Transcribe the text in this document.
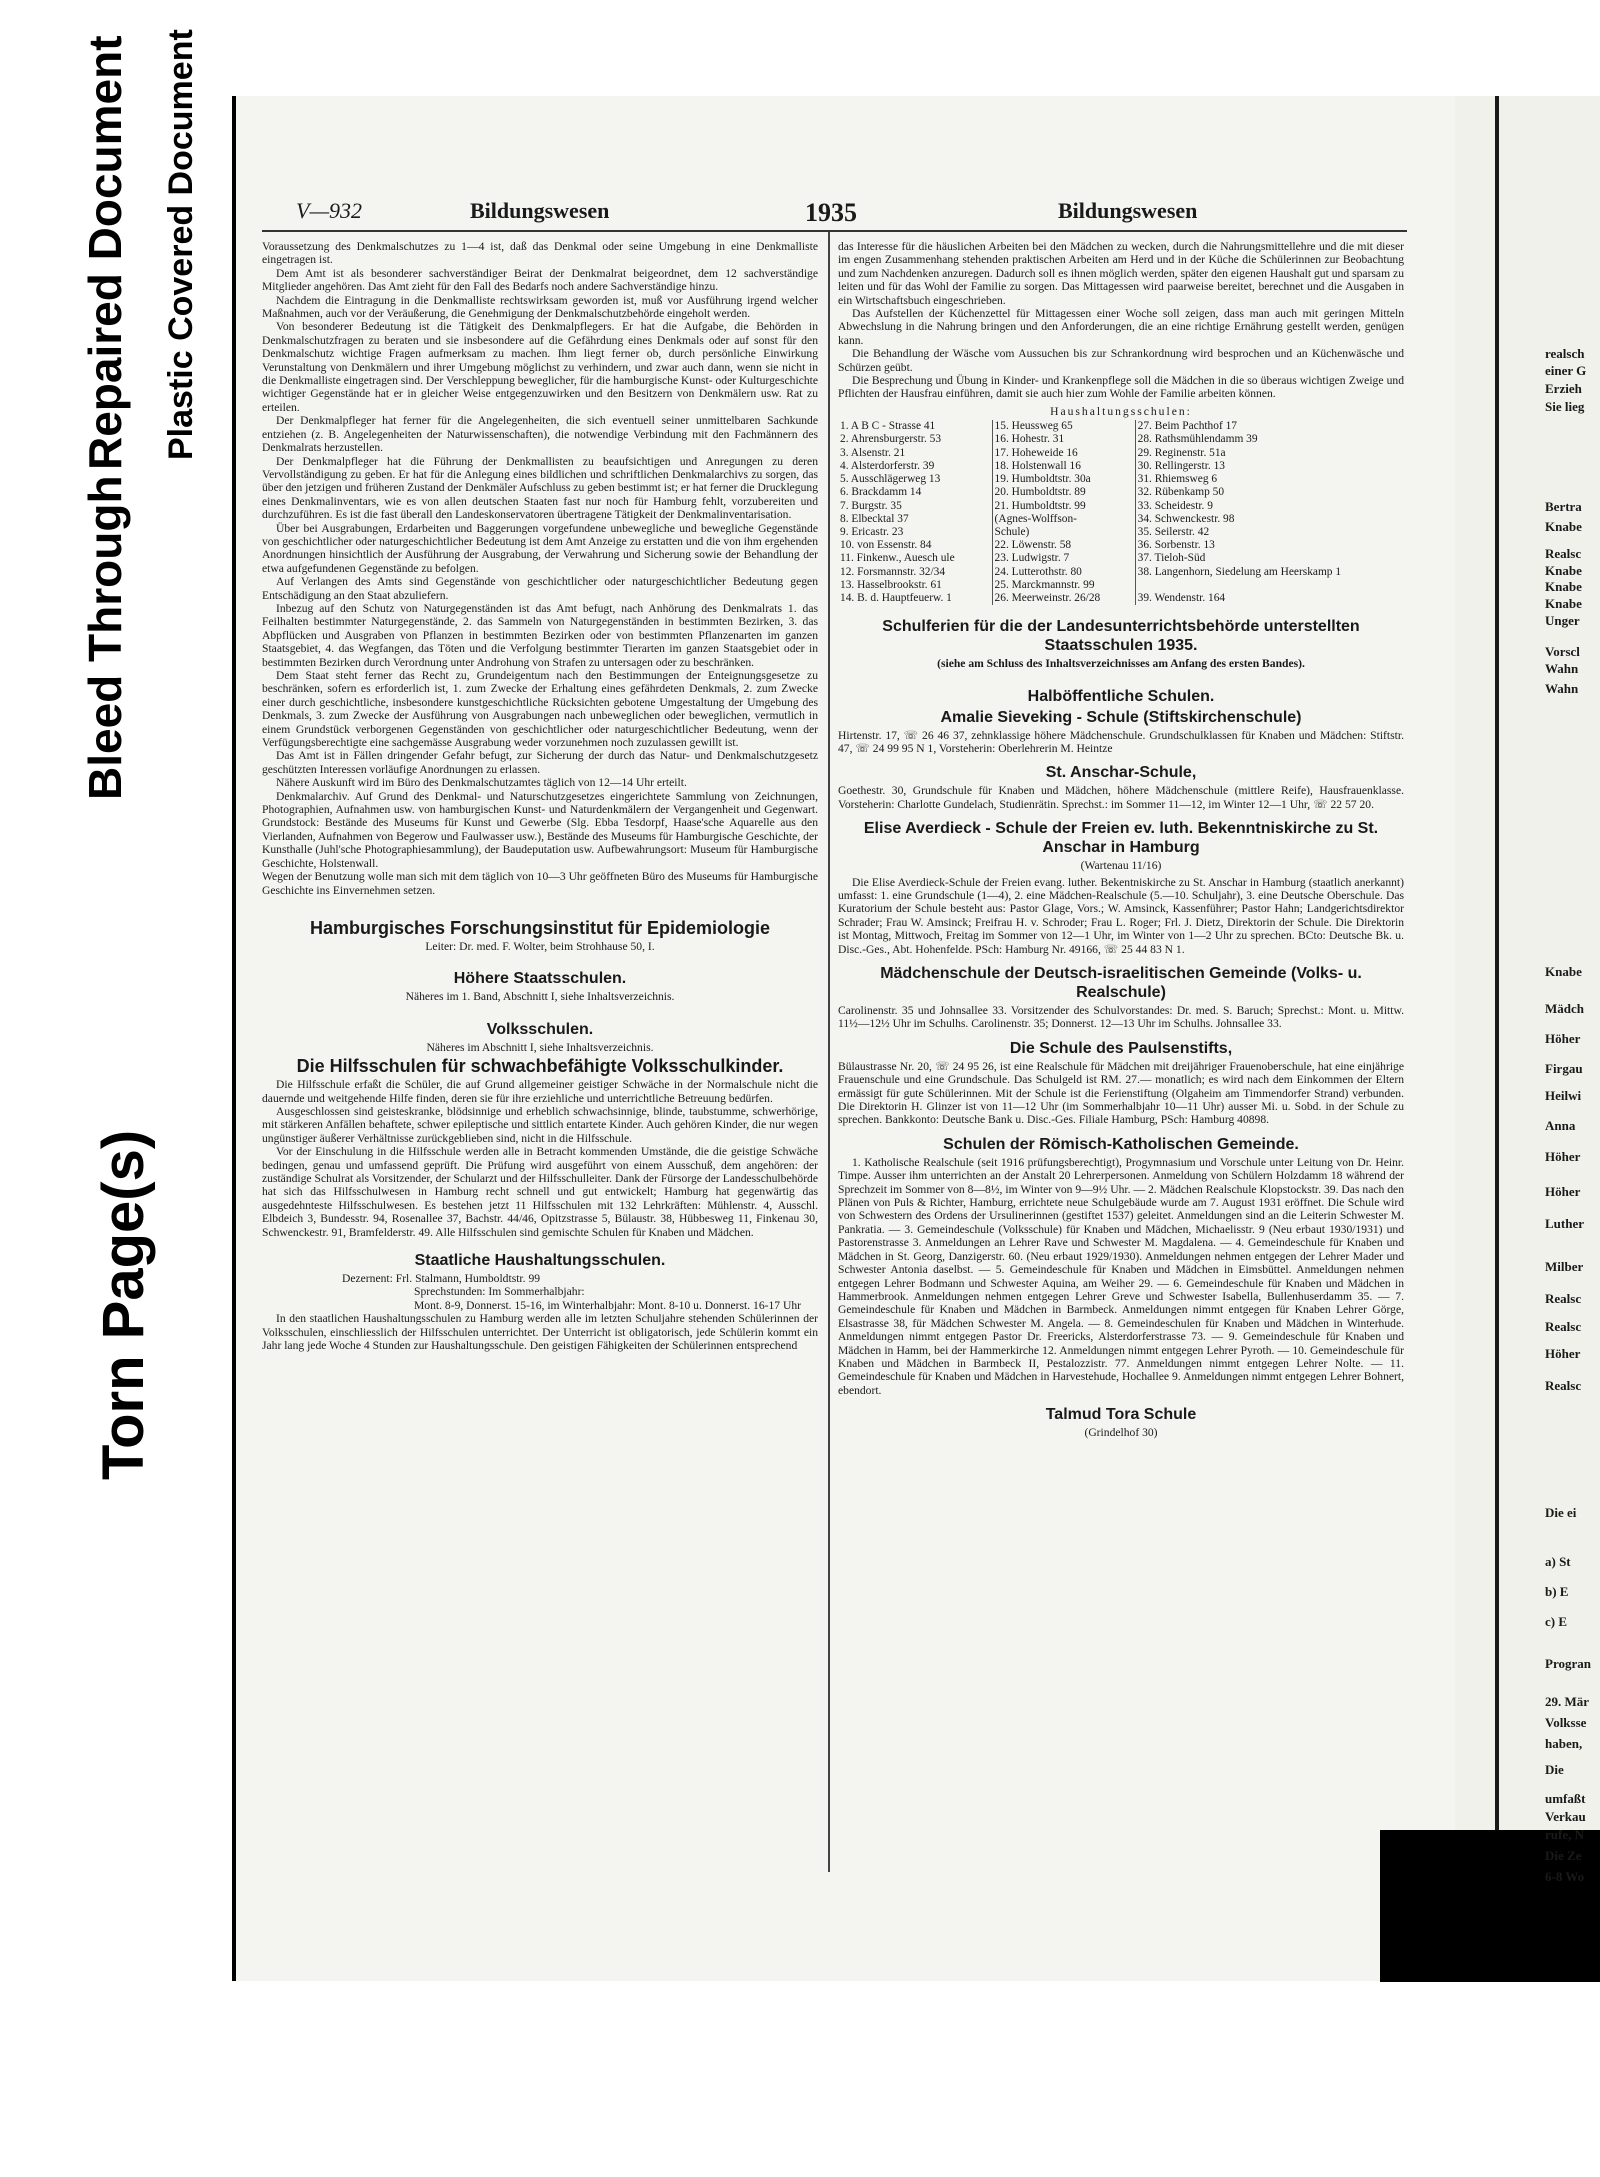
Bleed Through
Repaired Document Plastic Covered Document
Torn Page(s)
V—932	Bildungswesen	1935	Bildungswesen

Voraussetzung des Denkmalschutzes zu 1—4 ist, daß das Denkmal oder seine Umgebung in eine Denkmalliste eingetragen ist.

Dem Amt ist als besonderer sachverständiger Beirat der Denkmalrat beigeordnet, dem 12 sachverständige Mitglieder angehören. Das Amt zieht für den Fall des Bedarfs noch andere Sachverständige hinzu.

Nachdem die Eintragung in die Denkmalliste rechtswirksam geworden ist, muß vor Ausführung irgend welcher Maßnahmen, auch vor der Veräußerung, die Genehmigung der Denkmalschutzbehörde eingeholt werden.

Von besonderer Bedeutung ist die Tätigkeit des Denkmalpflegers. Er hat die Aufgabe, die Behörden in Denkmalschutzfragen zu beraten und sie insbesondere auf die Gefährdung eines Denkmals oder auf sonst für den Denkmalschutz wichtige Fragen aufmerksam zu machen. Ihm liegt ferner ob, durch persönliche Einwirkung Verunstaltung von Denkmälern und ihrer Umgebung möglichst zu verhindern, und zwar auch dann, wenn sie nicht in die Denkmalliste eingetragen sind. Der Verschleppung beweglicher, für die hamburgische Kunst- oder Kulturgeschichte wichtiger Gegenstände hat er in gleicher Weise entgegenzuwirken und den Besitzern von Denkmälern usw. Rat zu erteilen.

Der Denkmalpfleger hat ferner für die Angelegenheiten, die sich eventuell seiner unmittelbaren Sachkunde entziehen (z. B. Angelegenheiten der Naturwissenschaften), die notwendige Verbindung mit den Fachmännern des Denkmalrats herzustellen.

Der Denkmalpfleger hat die Führung der Denkmallisten zu beaufsichtigen und Anregungen zu deren Vervollständigung zu geben. Er hat für die Anlegung eines bildlichen und schriftlichen Denkmalarchivs zu sorgen, das über den jetzigen und früheren Zustand der Denkmäler Aufschluss zu geben bestimmt ist; er hat ferner die Drucklegung eines Denkmalinventars, wie es von allen deutschen Staaten fast nur noch für Hamburg fehlt, vorzubereiten und durchzuführen. Es ist die fast überall den Landeskonservatoren übertragene Tätigkeit der Denkmalinventarisation.

Über bei Ausgrabungen, Erdarbeiten und Baggerungen vorgefundene unbewegliche und bewegliche Gegenstände von geschichtlicher oder naturgeschichtlicher Bedeutung ist dem Amt Anzeige zu erstatten und die von ihm ergehenden Anordnungen hinsichtlich der Ausführung der Ausgrabung, der Verwahrung und Sicherung sowie der Behandlung der etwa aufgefundenen Gegenstände zu befolgen.

Auf Verlangen des Amts sind Gegenstände von geschichtlicher oder naturgeschichtlicher Bedeutung gegen Entschädigung an den Staat abzuliefern.

Inbezug auf den Schutz von Naturgegenständen ist das Amt befugt, nach Anhörung des Denkmalrats 1. das Feilhalten bestimmter Naturgegenstände, 2. das Sammeln von Naturgegenständen in bestimmten Bezirken, 3. das Abpflücken und Ausgraben von Pflanzen in bestimmten Bezirken oder von bestimmten Pflanzenarten im ganzen Staatsgebiet, 4. das Wegfangen, das Töten und die Verfolgung bestimmter Tierarten im ganzen Staatsgebiet oder in bestimmten Bezirken durch Verordnung unter Androhung von Strafen zu untersagen oder zu beschränken.

Dem Staat steht ferner das Recht zu, Grundeigentum nach den Bestimmungen der Enteignungsgesetze zu beschränken, sofern es erforderlich ist, 1. zum Zwecke der Erhaltung eines gefährdeten Denkmals, 2. zum Zwecke einer durch geschichtliche, insbesondere kunstgeschichtliche Rücksichten gebotene Umgestaltung der Umgebung des Denkmals, 3. zum Zwecke der Ausführung von Ausgrabungen nach unbeweglichen oder beweglichen, vermutlich in einem Grundstück verborgenen Gegenständen von geschichtlicher oder naturgeschichtlicher Bedeutung, wenn der Verfügungsberechtigte eine sachgemässe Ausgrabung weder vorzunehmen noch zuzulassen gewillt ist.

Das Amt ist in Fällen dringender Gefahr befugt, zur Sicherung der durch das Natur- und Denkmalschutzgesetz geschützten Interessen vorläufige Anordnungen zu erlassen.

Nähere Auskunft wird im Büro des Denkmalschutzamtes täglich von 12—14 Uhr erteilt.

Denkmalarchiv. Auf Grund des Denkmal- und Naturschutzgesetzes eingerichtete Sammlung von Zeichnungen, Photographien, Aufnahmen usw. von hamburgischen Kunst- und Naturdenkmälern der Vergangenheit und Gegenwart. Grundstock: Bestände des Museums für Kunst und Gewerbe (Slg. Ebba Tesdorpf, Haase'sche Aquarelle aus den Vierlanden, Aufnahmen von Begerow und Faulwasser usw.), Bestände des Museums für Hamburgische Geschichte, der Kunsthalle (Juhl'sche Photographiesammlung), der Baudeputation usw. Aufbewahrungsort: Museum für Hamburgische Geschichte, Holstenwall.

Wegen der Benutzung wolle man sich mit dem täglich von 10—3 Uhr geöffneten Büro des Museums für Hamburgische Geschichte ins Einvernehmen setzen.

Hamburgisches Forschungsinstitut für Epidemiologie
Leiter: Dr. med. F. Wolter, beim Strohhause 50, I.
Höhere Staatsschulen.
Näheres im 1. Band, Abschnitt I, siehe Inhaltsverzeichnis.
Volksschulen.
Näheres im Abschnitt I, siehe Inhaltsverzeichnis.
Die Hilfsschulen für schwachbefähigte Volksschulkinder.

Die Hilfsschule erfaßt die Schüler, die auf Grund allgemeiner geistiger Schwäche in der Normalschule nicht die dauernde und weitgehende Hilfe finden, deren sie für ihre erziehliche und unterrichtliche Betreuung bedürfen.

Ausgeschlossen sind geisteskranke, blödsinnige und erheblich schwachsinnige, blinde, taubstumme, schwerhörige, mit stärkeren Anfällen behaftete, schwer epileptische und sittlich entartete Kinder. Auch gehören Kinder, die nur wegen ungünstiger äußerer Verhältnisse zurückgeblieben sind, nicht in die Hilfsschule.

Vor der Einschulung in die Hilfsschule werden alle in Betracht kommenden Umstände, die die geistige Schwäche bedingen, genau und umfassend geprüft. Die Prüfung wird ausgeführt von einem Ausschuß, dem angehören: der zuständige Schulrat als Vorsitzender, der Schularzt und der Hilfsschulleiter. Dank der Fürsorge der Landesschulbehörde hat sich das Hilfsschulwesen in Hamburg recht schnell und gut entwickelt; Hamburg hat gegenwärtig das ausgedehnteste Hilfsschulwesen. Es bestehen jetzt 11 Hilfsschulen mit 132 Lehrkräften: Mühlenstr. 4, Ausschl. Elbdeich 3, Bundesstr. 94, Rosenallee 37, Bachstr. 44/46, Opitzstrasse 5, Bülaustr. 38, Hübbesweg 11, Finkenau 30, Schwenckestr. 91, Bramfelderstr. 49. Alle Hilfsschulen sind gemischte Schulen für Knaben und Mädchen.

Staatliche Haushaltungsschulen.
Dezernent: Frl. Stalmann, Humboldtstr. 99
Sprechstunden: Im Sommerhalbjahr:
Mont. 8-9, Donnerst. 15-16, im Winterhalbjahr: Mont. 8-10 u. Donnerst. 16-17 Uhr

In den staatlichen Haushaltungsschulen zu Hamburg werden alle im letzten Schuljahre stehenden Schülerinnen der Volksschulen, einschliesslich der Hilfsschulen unterrichtet. Der Unterricht ist obligatorisch, jede Schülerin kommt ein Jahr lang jede Woche 4 Stunden zur Haushaltungsschule. Den geistigen Fähigkeiten der Schülerinnen entsprechend

das Interesse für die häuslichen Arbeiten bei den Mädchen zu wecken, durch die Nahrungsmittellehre und die mit dieser im engen Zusammenhang stehenden praktischen Arbeiten am Herd und in der Küche die Schülerinnen zur Beobachtung und zum Nachdenken anzuregen. Dadurch soll es ihnen möglich werden, später den eigenen Haushalt gut und sparsam zu leiten und für das Wohl der Familie zu sorgen. Das Mittagessen wird paarweise bereitet, berechnet und die Ausgaben in ein Wirtschaftsbuch eingeschrieben.

Das Aufstellen der Küchenzettel für Mittagessen einer Woche soll zeigen, dass man auch mit geringen Mitteln Abwechslung in die Nahrung bringen und den Anforderungen, die an eine richtige Ernährung gestellt werden, genügen kann.

Die Behandlung der Wäsche vom Aussuchen bis zur Schrankordnung wird besprochen und an Küchenwäsche und Schürzen geübt.

Die Besprechung und Übung in Kinder- und Krankenpflege soll die Mädchen in die so überaus wichtigen Zweige und Pflichten der Hausfrau einführen, damit sie auch hier zum Wohle der Familie arbeiten können.

Haushaltungsschulen:
1. A B C - Strasse 41	15. Heussweg 65	27. Beim Pachthof 17
2. Ahrensburgerstr. 53	16. Hohestr. 31	28. Rathsmühlendamm 39
3. Alsenstr. 21	17. Hoheweide 16	29. Reginenstr. 51a
4. Alsterdorferstr. 39	18. Holstenwall 16	30. Rellingerstr. 13
5. Ausschlägerweg 13	19. Humboldtstr. 30a	31. Rhiemsweg 6
6. Brackdamm 14	20. Humboldtstr. 89	32. Rübenkamp 50
7. Burgstr. 35	21. Humboldtstr. 99	33. Scheidestr. 9
8. Elbecktal 37	(Agnes-Wolffson-	34. Schwenckestr. 98
9. Ericastr. 23	Schule)	35. Seilerstr. 42
10. von Essenstr. 84	22. Löwenstr. 58	36. Sorbenstr. 13
11. Finkenw., Auesch ule	23. Ludwigstr. 7	37. Tieloh-Süd
12. Forsmannstr. 32/34	24. Lutterothstr. 80	38. Langenhorn, Siedelung am Heerskamp 1
13. Hasselbrookstr. 61	25. Marckmannstr. 99	
14. B. d. Hauptfeuerw. 1	26. Meerweinstr. 26/28	39. Wendenstr. 164
Schulferien für die der Landesunterrichtsbehörde unterstellten Staatsschulen 1935.
(siehe am Schluss des Inhaltsverzeichnisses am Anfang des ersten Bandes).
Halböffentliche Schulen.
Amalie Sieveking - Schule (Stiftskirchenschule)

Hirtenstr. 17, ☏ 26 46 37, zehnklassige höhere Mädchenschule. Grundschulklassen für Knaben und Mädchen: Stiftstr. 47, ☏ 24 99 95 N 1, Vorsteherin: Oberlehrerin M. Heintze

St. Anschar-Schule,

Goethestr. 30, Grundschule für Knaben und Mädchen, höhere Mädchenschule (mittlere Reife), Hausfrauenklasse. Vorsteherin: Charlotte Gundelach, Studienrätin. Sprechst.: im Sommer 11—12, im Winter 12—1 Uhr, ☏ 22 57 20.

Elise Averdieck - Schule der Freien ev. luth. Bekenntniskirche zu St. Anschar in Hamburg
(Wartenau 11/16)

Die Elise Averdieck-Schule der Freien evang. luther. Bekentniskirche zu St. Anschar in Hamburg (staatlich anerkannt) umfasst: 1. eine Grundschule (1—4), 2. eine Mädchen-Realschule (5.—10. Schuljahr), 3. eine Deutsche Oberschule. Das Kuratorium der Schule besteht aus: Pastor Glage, Vors.; W. Amsinck, Kassenführer; Pastor Hahn; Landgerichtsdirektor Schrader; Frau W. Amsinck; Freifrau H. v. Schroder; Frau L. Roger; Frl. J. Dietz, Direktorin der Schule. Die Direktorin ist Montag, Mittwoch, Freitag im Sommer von 12—1 Uhr, im Winter von 1—2 Uhr zu sprechen. BCto: Deutsche Bk. u. Disc.-Ges., Abt. Hohenfelde. PSch: Hamburg Nr. 49166, ☏ 25 44 83 N 1.

Mädchenschule der Deutsch-israelitischen Gemeinde (Volks- u. Realschule)

Carolinenstr. 35 und Johnsallee 33. Vorsitzender des Schulvorstandes: Dr. med. S. Baruch; Sprechst.: Mont. u. Mittw. 11½—12½ Uhr im Schulhs. Carolinenstr. 35; Donnerst. 12—13 Uhr im Schulhs. Johnsallee 33.

Die Schule des Paulsenstifts,

Bülaustrasse Nr. 20, ☏ 24 95 26, ist eine Realschule für Mädchen mit dreijähriger Frauenoberschule, hat eine einjährige Frauenschule und eine Grundschule. Das Schulgeld ist RM. 27.— monatlich; es wird nach dem Einkommen der Eltern ermässigt für gute Schülerinnen. Mit der Schule ist die Ferienstiftung (Olgaheim am Timmendorfer Strand) verbunden. Die Direktorin H. Glinzer ist von 11—12 Uhr (im Sommerhalbjahr 10—11 Uhr) ausser Mi. u. Sobd. in der Schule zu sprechen. Bankkonto: Deutsche Bank u. Disc.-Ges. Filiale Hamburg, PSch: Hamburg 40898.

Schulen der Römisch-Katholischen Gemeinde.

1. Katholische Realschule (seit 1916 prüfungsberechtigt), Progymnasium und Vorschule unter Leitung von Dr. Heinr. Timpe. Ausser ihm unterrichten an der Anstalt 20 Lehrerpersonen. Anmeldung von Schülern Holzdamm 18 während der Sprechzeit im Sommer von 8—8½, im Winter von 9—9½ Uhr. — 2. Mädchen Realschule Klopstockstr. 39. Das nach den Plänen von Puls & Richter, Hamburg, errichtete neue Schulgebäude wurde am 7. August 1931 eröffnet. Die Schule wird von Schwestern des Ordens der Ursulinerinnen (gestiftet 1537) geleitet. Anmeldungen sind an die Leiterin Schwester M. Pankratia. — 3. Gemeindeschule (Volksschule) für Knaben und Mädchen, Michaelisstr. 9 (Neu erbaut 1930/1931) und Pastorenstrasse 3. Anmeldungen an Lehrer Rave und Schwester M. Magdalena. — 4. Gemeindeschule für Knaben und Mädchen in St. Georg, Danzigerstr. 60. (Neu erbaut 1929/1930). Anmeldungen nehmen entgegen der Lehrer Mader und Schwester Antonia daselbst. — 5. Gemeindeschule für Knaben und Mädchen in Eimsbüttel. Anmeldungen nehmen entgegen Lehrer Bodmann und Schwester Aquina, am Weiher 29. — 6. Gemeindeschule für Knaben und Mädchen in Hammerbrook. Anmeldungen nehmen entgegen Lehrer Greve und Schwester Isabella, Bullenhuserdamm 35. — 7. Gemeindeschule für Knaben und Mädchen in Barmbeck. Anmeldungen nimmt entgegen für Knaben Lehrer Görge, Elsastrasse 38, für Mädchen Schwester M. Angela. — 8. Gemeindeschulen für Knaben und Mädchen in Winterhude. Anmeldungen nimmt entgegen Pastor Dr. Freericks, Alsterdorferstrasse 73. — 9. Gemeindeschule für Knaben und Mädchen in Hamm, bei der Hammerkirche 12. Anmeldungen nimmt entgegen Lehrer Pyroth. — 10. Gemeindeschule für Knaben und Mädchen in Barmbeck II, Pestalozzistr. 77. Anmeldungen nimmt entgegen Lehrer Nolte. — 11. Gemeindeschule für Knaben und Mädchen in Harvestehude, Hochallee 9. Anmeldungen nimmt entgegen Lehrer Bohnert, ebendort.

Talmud Tora Schule
(Grindelhof 30)
realsch
einer G
Erzieh
Sie lieg
Bertra
Knabe
Realsc
Knabe
Knabe
Knabe
Unger
Vorscl
Wahn
Wahn
Knabe
Mädch
Höher
Firgau
Heilwi
Anna
Höher
Höher
Luther
Milber
Realsc
Realsc
Höher
Realsc
Die ei
a) St
b) E
c) E
Progran
29. Mär
Volksse
haben,
Die
umfaßt
Verkau
rufe, N
Die Ze
6-8 Wo
